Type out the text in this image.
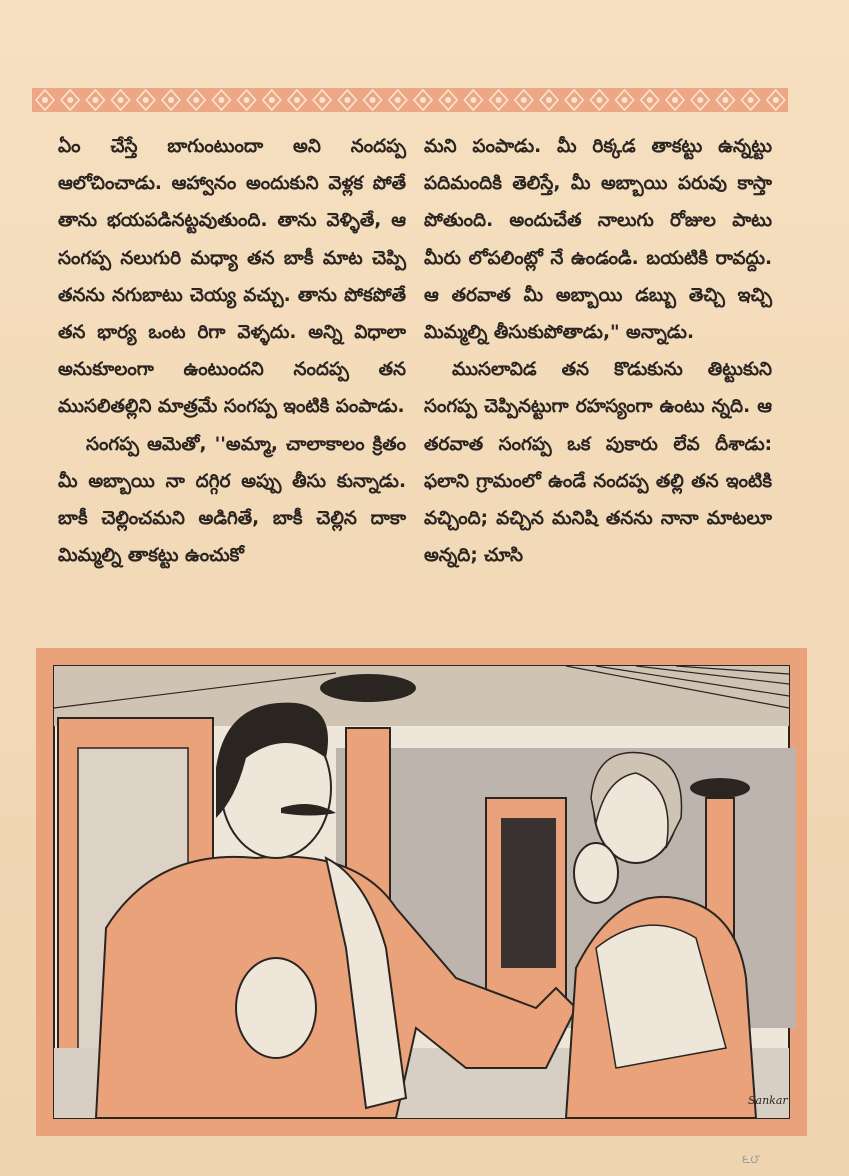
ఏం చేస్తే బాగుంటుందా అని నందప్ప ఆలోచించాడు. ఆహ్వానం అందుకుని వెళ్లక పోతే తాను భయపడినట్టవుతుంది. తాను వెళ్ళితే, ఆ సంగప్ప నలుగురి మధ్యా తన బాకీ మాట చెప్పి తనను నగుబాటు చెయ్య వచ్చు. తాను పోకపోతే తన భార్య ఒంట రిగా వెళ్ళదు. అన్ని విధాలా అనుకూలంగా ఉంటుందని నందప్ప తన ముసలితల్లిని మాత్రమే సంగప్ప ఇంటికి పంపాడు.

సంగప్ప ఆమెతో, ''అమ్మా, చాలాకాలం క్రితం మీ అబ్బాయి నా దగ్గిర అప్పు తీసు కున్నాడు. బాకీ చెల్లించమని అడిగితే, బాకీ చెల్లిన దాకా మిమ్మల్ని తాకట్టు ఉంచుకో

మని పంపాడు. మీ రిక్కడ తాకట్టు ఉన్నట్టు పదిమందికి తెలిస్తే, మీ అబ్బాయి పరువు కాస్తా పోతుంది. అందుచేత నాలుగు రోజుల పాటు మీరు లోపలింట్లో నే ఉండండి. బయటికి రావద్దు. ఆ తరవాత మీ అబ్బాయి డబ్బు తెచ్చి ఇచ్చి మిమ్మల్ని తీసుకుపోతాడు," అన్నాడు.

ముసలావిడ తన కొడుకును తిట్టుకుని సంగప్ప చెప్పినట్టుగా రహస్యంగా ఉంటు న్నది. ఆ తరవాత సంగప్ప ఒక పుకారు లేవ దీశాడు: ఫలాని గ్రామంలో ఉండే నందప్ప తల్లి తన ఇంటికి వచ్చింది; వచ్చిన మనిషి తనను నానా మాటలూ అన్నది; చూసి

Sankar
౬౮
